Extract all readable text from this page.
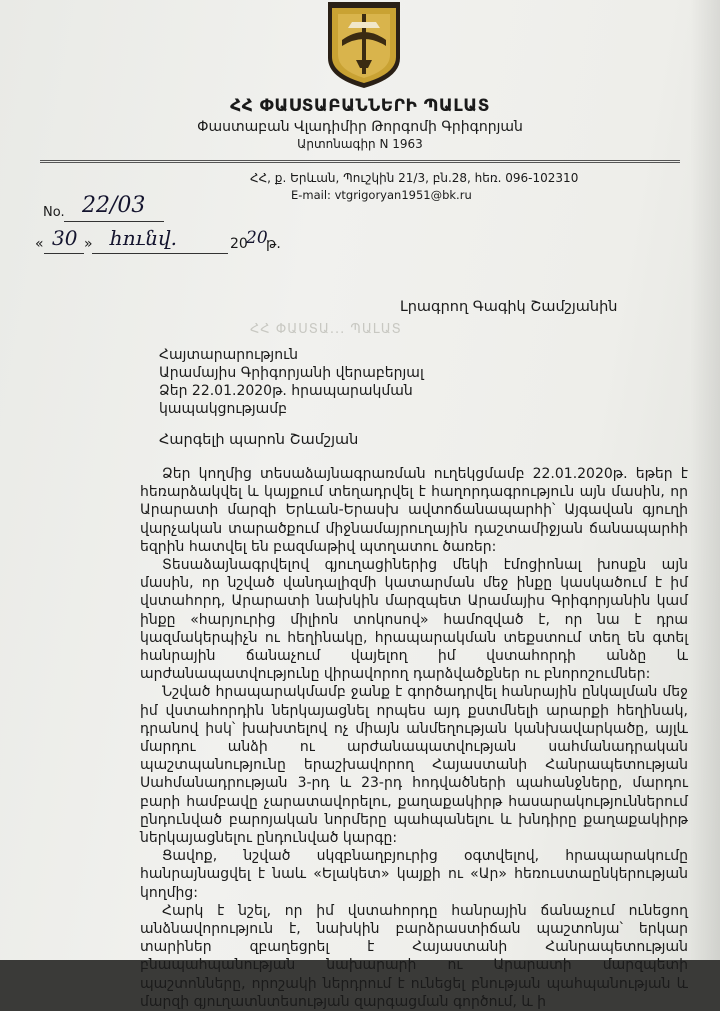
ՀՀ ՓԱՍՏԱԲԱՆՆԵՐԻ ՊԱԼԱՏ
Փաստաբան Վլադիմիր Թորգոմի Գրիգորյան
Արտոնագիր N 1963
ՀՀ, ք. Երևան, Պուշկին 21/3, բն.28, հեռ. 096-102310
E-mail: vtgrigoryan1951@bk.ru
No. 22/03
« 30 » հունվ.	20
20
թ.
Լրագրող Գագիկ Շամշյանին
ՀՀ ՓԱՍՏԱ... ՊԱԼԱՏ
Հայտարարություն
Արամայիս Գրիգորյանի վերաբերյալ
Ձեր 22.01.2020թ. հրապարակման
կապակցությամբ
Հարգելի պարոն Շամշյան

Ձեր կողմից տեսաձայնագրառման ուղեկցմամբ 22.01.2020թ. եթեր է հեռարձակվել և կայքում տեղադրվել է հաղորդագրություն այն մասին, որ Արարատի մարզի Երևան-Երասխ ավտոճանապարհի՝ Այգավան գյուղի վարչական տարածքում միջնամայրուղային դաշտամիջյան ճանապարհի եզրին հատվել են բազմաթիվ պտղատու ծառեր:

Տեսաձայնագրվելով գյուղացիներից մեկի էմոցիոնալ խոսքն այն մասին, որ նշված վանդալիզմի կատարման մեջ ինքը կասկածում է իմ վստահորդ, Արարատի նախկին մարզպետ Արամայիս Գրիգորյանին կամ ինքը «հարյուրից միլիոն տոկոսով» համոզված է, որ նա է դրա կազմակերպիչն ու հեղինակը, հրապարակման տեքստում տեղ են գտել հանրային ճանաչում վայելող իմ վստահորդի անձը և արժանապատվությունը վիրավորող դարձվածքներ ու բնորոշումներ:

Նշված հրապարակմամբ ջանք է գործադրվել հանրային ընկալման մեջ իմ վստահորդին ներկայացնել որպես այդ քստմնելի արարքի հեղինակ, դրանով իսկ՝ խախտելով ոչ միայն անմեղության կանխավարկածը, այլև մարդու անձի ու արժանապատվության սահմանադրական պաշտպանությունը երաշխավորող Հայաստանի Հանրապետության Սահմանադրության 3-րդ և 23-րդ հոդվածների պահանջները, մարդու բարի համբավը չարատավորելու, քաղաքակիրթ հասարակություններում ընդունված բարոյական նորմերը պահպանելու և խնդիրը քաղաքակիրթ ներկայացնելու ընդունված կարգը:

Ցավոք, նշված սկզբնաղբյուրից օգտվելով, հրապարակումը հանրայնացվել է նաև «Ելակետ» կայքի ու «Ար» հեռուստաընկերության կողմից:

Հարկ է նշել, որ իմ վստահորդը հանրային ճանաչում ունեցող անձնավորություն է, նախկին բարձրաստիճան պաշտոնյա՝ երկար տարիներ զբաղեցրել է Հայաստանի Հանրապետության բնապահպանության նախարարի ու Արարատի մարզպետի պաշտոնները, որոշակի ներդրում է ունեցել բնության պահպանության և մարզի գյուղատնտեսության զարգացման գործում, և ի
